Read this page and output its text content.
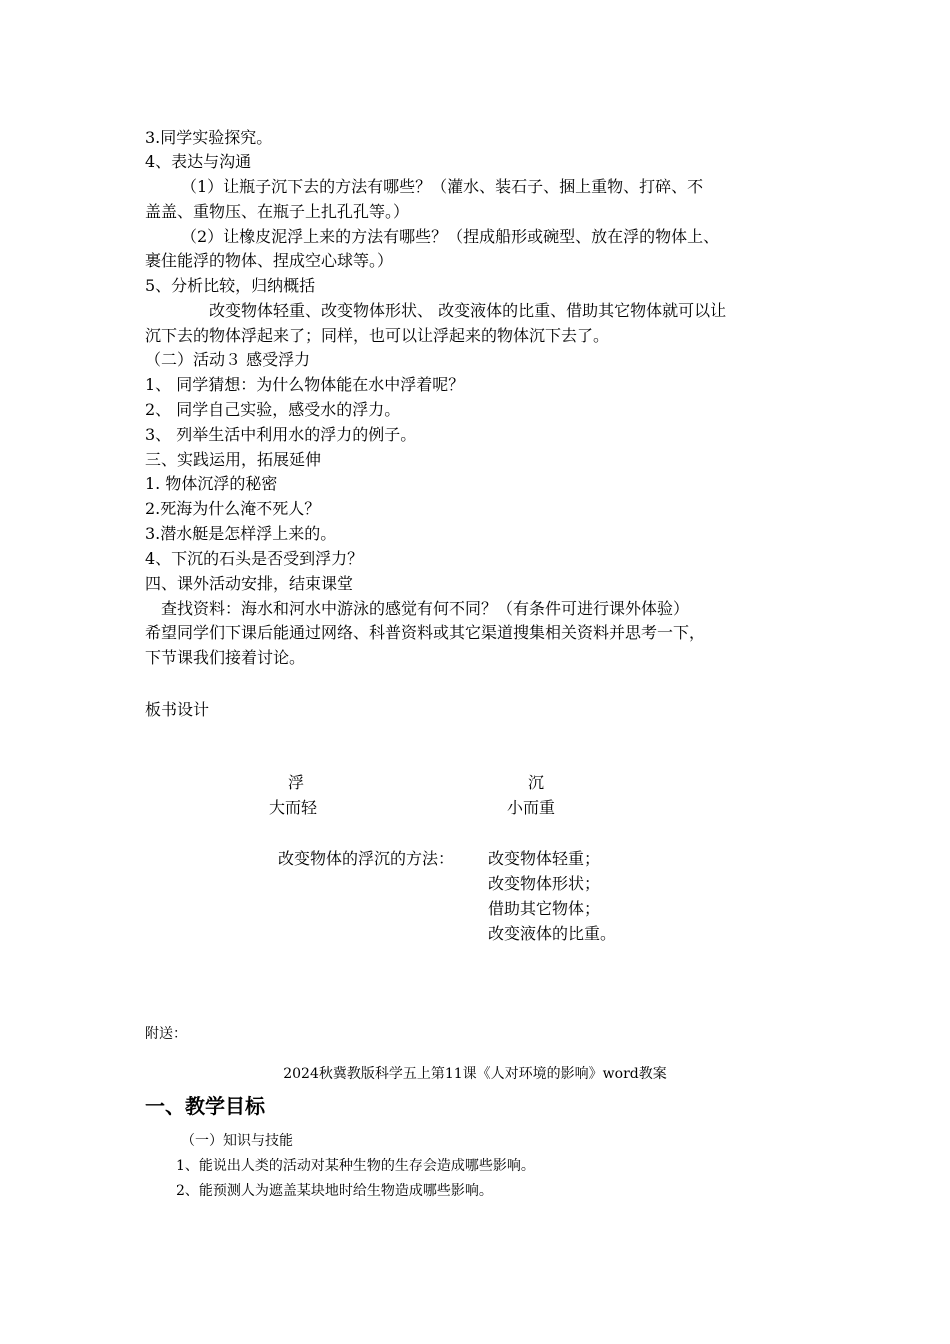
3.同学实验探究。
4、表达与沟通
（1）让瓶子沉下去的方法有哪些？（灌水、装石子、捆上重物、打碎、不
盖盖、重物压、在瓶子上扎孔孔等。）
（2）让橡皮泥浮上来的方法有哪些？（捏成船形或碗型、放在浮的物体上、
裹住能浮的物体、捏成空心球等。）
5、分析比较，归纳概括
改变物体轻重、改变物体形状、 改变液体的比重、借助其它物体就可以让
沉下去的物体浮起来了；同样，也可以让浮起来的物体沉下去了。
（二）活动３ 感受浮力
1、 同学猜想：为什么物体能在水中浮着呢？
2、 同学自己实验，感受水的浮力。
3、 列举生活中利用水的浮力的例子。
三、实践运用，拓展延伸
1. 物体沉浮的秘密
2.死海为什么淹不死人？
3.潜水艇是怎样浮上来的。
4、下沉的石头是否受到浮力？
四、课外活动安排，结束课堂
查找资料：海水和河水中游泳的感觉有何不同？（有条件可进行课外体验）
希望同学们下课后能通过网络、科普资料或其它渠道搜集相关资料并思考一下，
下节课我们接着讨论。
板书设计
浮	沉
大而轻	小而重
改变物体的浮沉的方法： 改变物体轻重；
改变物体形状；
借助其它物体；
改变液体的比重。
附送：
2024秋冀教版科学五上第11课《人对环境的影响》word教案
一、教学目标
（一）知识与技能
1、能说出人类的活动对某种生物的生存会造成哪些影响。
2、能预测人为遮盖某块地时给生物造成哪些影响。
